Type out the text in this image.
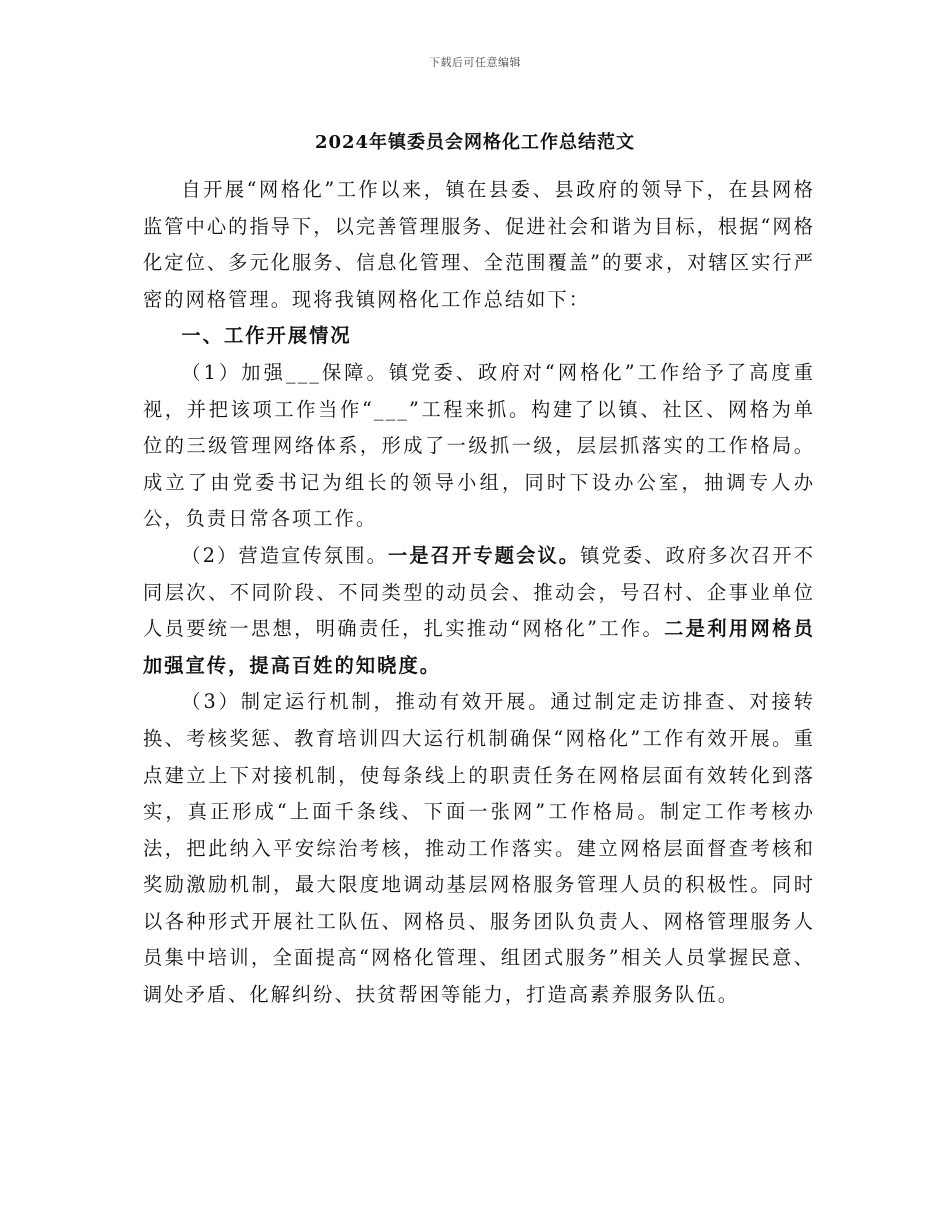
下载后可任意编辑
2024年镇委员会网格化工作总结范文

自开展“网格化”工作以来，镇在县委、县政府的领导下，在县网格监管中心的指导下，以完善管理服务、促进社会和谐为目标，根据“网格化定位、多元化服务、信息化管理、全范围覆盖”的要求，对辖区实行严密的网格管理。现将我镇网格化工作总结如下：

一、工作开展情况

（1）加强___保障。镇党委、政府对“网格化”工作给予了高度重视，并把该项工作当作“___”工程来抓。构建了以镇、社区、网格为单位的三级管理网络体系，形成了一级抓一级，层层抓落实的工作格局。成立了由党委书记为组长的领导小组，同时下设办公室，抽调专人办公，负责日常各项工作。

（2）营造宣传氛围。一是召开专题会议。镇党委、政府多次召开不同层次、不同阶段、不同类型的动员会、推动会，号召村、企事业单位人员要统一思想，明确责任，扎实推动“网格化”工作。二是利用网格员加强宣传，提高百姓的知晓度。

（3）制定运行机制，推动有效开展。通过制定走访排查、对接转换、考核奖惩、教育培训四大运行机制确保“网格化”工作有效开展。重点建立上下对接机制，使每条线上的职责任务在网格层面有效转化到落实，真正形成“上面千条线、下面一张网”工作格局。制定工作考核办法，把此纳入平安综治考核，推动工作落实。建立网格层面督查考核和奖励激励机制，最大限度地调动基层网格服务管理人员的积极性。同时以各种形式开展社工队伍、网格员、服务团队负责人、网格管理服务人员集中培训，全面提高“网格化管理、组团式服务”相关人员掌握民意、调处矛盾、化解纠纷、扶贫帮困等能力，打造高素养服务队伍。
